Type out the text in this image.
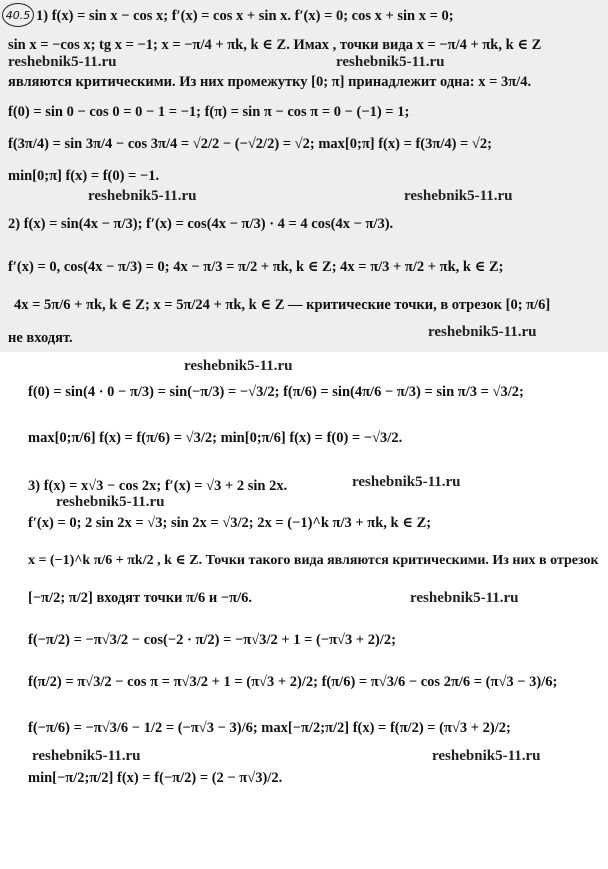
40.5 1) f(x) = sin x − cos x; f′(x) = cos x + sin x. f′(x) = 0; cos x + sin x = 0;
sin x = −cos x; tg x = −1; x = −π/4 + πk, k ∈ Z. Имах , точки вида x = −π/4 + πk, k ∈ Z
являются критическими. Из них промежутку [0; π] принадлежит одна: x = 3π/4.
f(0) = sin 0 − cos 0 = 0 − 1 = −1; f(π) = sin π − cos π = 0 − (−1) = 1;
f(3π/4) = sin 3π/4 − cos 3π/4 = √2/2 − (−√2/2) = √2; max[0;π] f(x) = f(3π/4) = √2;
min[0;π] f(x) = f(0) = −1.
2) f(x) = sin(4x − π/3); f′(x) = cos(4x − π/3) · 4 = 4 cos(4x − π/3).
f′(x) = 0, cos(4x − π/3) = 0; 4x − π/3 = π/2 + πk, k ∈ Z; 4x = π/3 + π/2 + πk, k ∈ Z;
4x = 5π/6 + πk, k ∈ Z; x = 5π/24 + πk, k ∈ Z — критические точки, в отрезок [0; π/6]
не входят.
f(0) = sin(4 · 0 − π/3) = sin(−π/3) = −√3/2; f(π/6) = sin(4π/6 − π/3) = sin π/3 = √3/2;
max[0;π/6] f(x) = f(π/6) = √3/2; min[0;π/6] f(x) = f(0) = −√3/2.
3) f(x) = x√3 − cos 2x; f′(x) = √3 + 2 sin 2x.
f′(x) = 0; 2 sin 2x = √3; sin 2x = √3/2; 2x = (−1)^k π/3 + πk, k ∈ Z;
x = (−1)^k π/6 + πk/2 , k ∈ Z. Точки такого вида являются критическими. Из них в отрезок
[−π/2; π/2] входят точки π/6 и −π/6.
f(−π/2) = −π√3/2 − cos(−2 · π/2) = −π√3/2 + 1 = (−π√3 + 2)/2;
f(π/2) = π√3/2 − cos π = π√3/2 + 1 = (π√3 + 2)/2; f(π/6) = π√3/6 − cos 2π/6 = (π√3 − 3)/6;
f(−π/6) = −π√3/6 − 1/2 = (−π√3 − 3)/6; max[−π/2;π/2] f(x) = f(π/2) = (π√3 + 2)/2;
min[−π/2;π/2] f(x) = f(−π/2) = (2 − π√3)/2.
reshebnik5-11.ru	reshebnik5-11.ru
reshebnik5-11.ru	reshebnik5-11.ru
reshebnik5-11.ru
reshebnik5-11.ru
reshebnik5-11.ru
reshebnik5-11.ru
reshebnik5-11.ru
reshebnik5-11.ru	reshebnik5-11.ru
